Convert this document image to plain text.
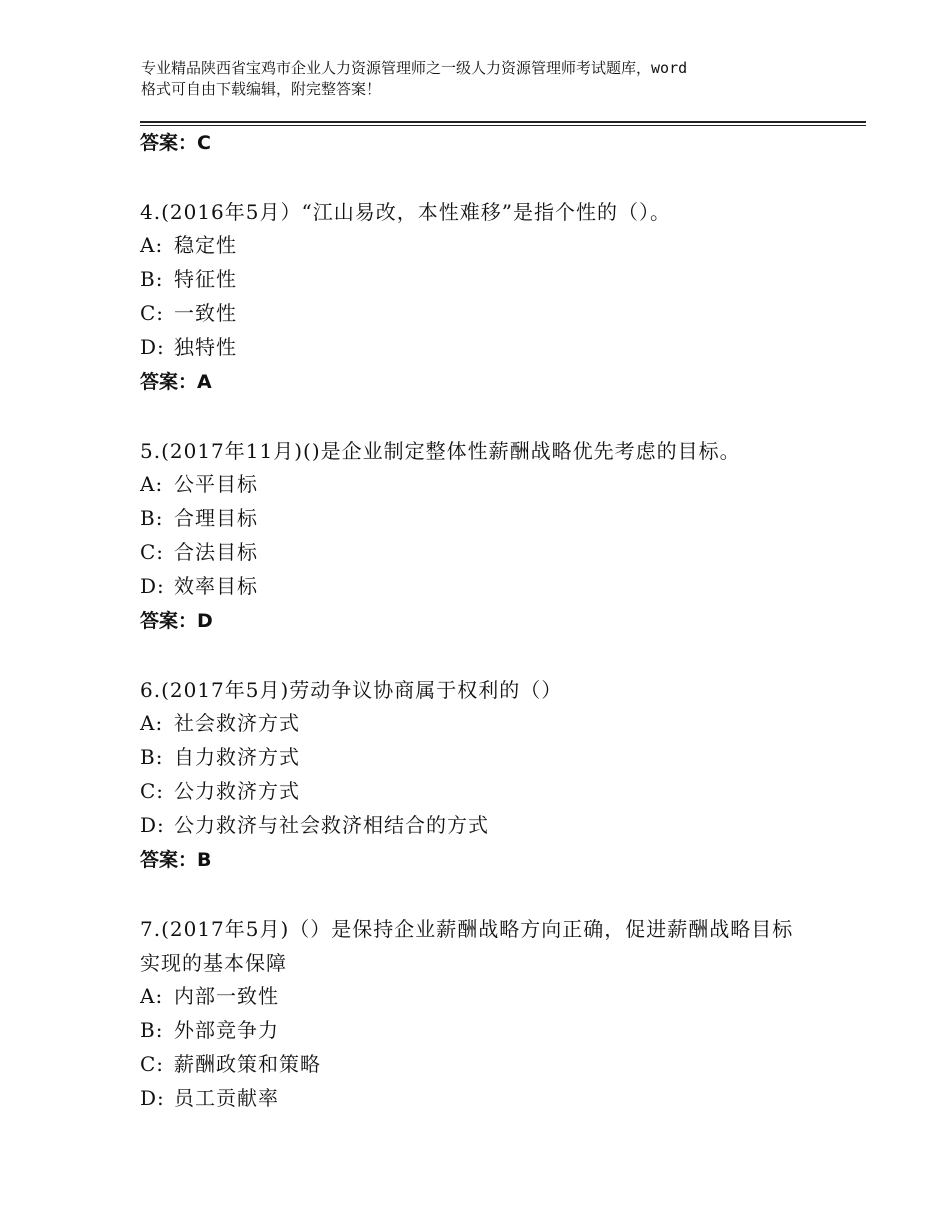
专业精品陕西省宝鸡市企业人力资源管理师之一级人力资源管理师考试题库，word
格式可自由下载编辑，附完整答案！
答案：C
4.(2016年5月）“江山易改，本性难移”是指个性的（）。
A: 稳定性
B: 特征性
C: 一致性
D: 独特性
答案：A
5.(2017年11月)()是企业制定整体性薪酬战略优先考虑的目标。
A: 公平目标
B: 合理目标
C: 合法目标
D: 效率目标
答案：D
6.(2017年5月)劳动争议协商属于权利的（）
A: 社会救济方式
B: 自力救济方式
C: 公力救济方式
D: 公力救济与社会救济相结合的方式
答案：B
7.(2017年5月)（）是保持企业薪酬战略方向正确，促进薪酬战略目标实现的基本保障
A: 内部一致性
B: 外部竞争力
C: 薪酬政策和策略
D: 员工贡献率
